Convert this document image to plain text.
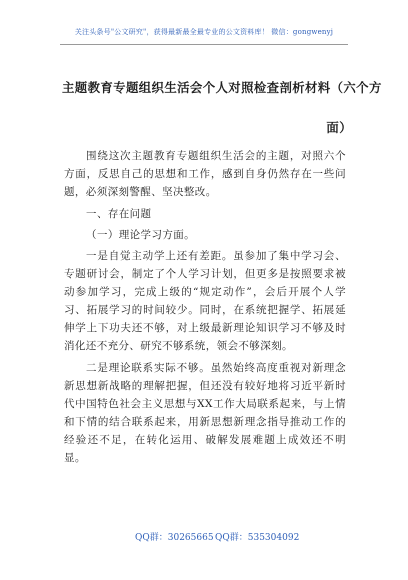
关注头条号"公文研究"，获得最新最全最专业的公文资料库！ 微信：gongwenyj
主题教育专题组织生活会个人对照检查剖析材料（六个方
面）

围绕这次主题教育专题组织生活会的主题，对照六个方面，反思自己的思想和工作，感到自身仍然存在一些问题，必须深刻警醒、坚决整改。

一、存在问题

（一）理论学习方面。

一是自觉主动学上还有差距。虽参加了集中学习会、专题研讨会，制定了个人学习计划，但更多是按照要求被动参加学习，完成上级的“规定动作”，会后开展个人学习、拓展学习的时间较少。同时，在系统把握学、拓展延伸学上下功夫还不够，对上级最新理论知识学习不够及时消化还不充分、研究不够系统，领会不够深刻。

二是理论联系实际不够。虽然始终高度重视对新理念新思想新战略的理解把握，但还没有较好地将习近平新时代中国特色社会主义思想与XX工作大局联系起来，与上情和下情的结合联系起来，用新思想新理念指导推动工作的经验还不足，在转化运用、破解发展难题上成效还不明显。

QQ群：30265665 QQ群：535304092
